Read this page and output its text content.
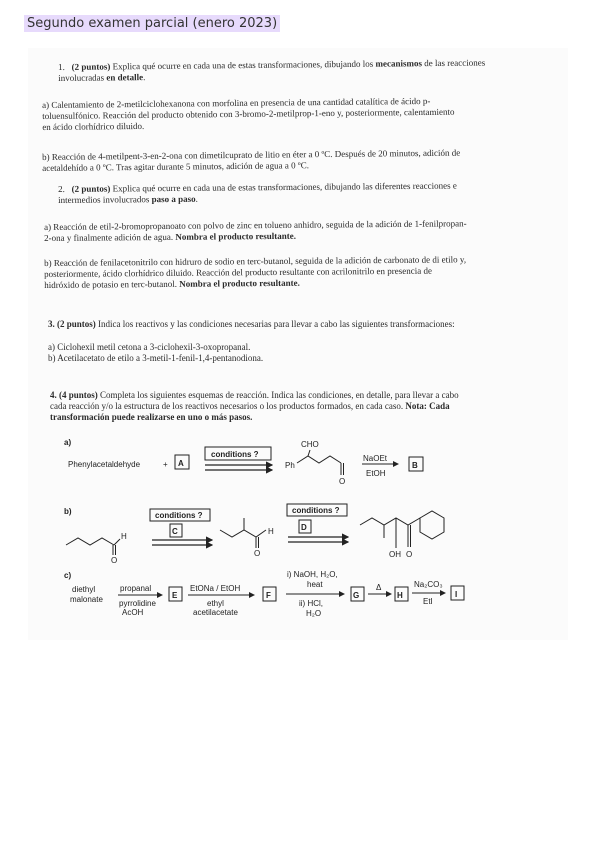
Segundo examen parcial (enero 2023)
1. (2 puntos) Explica qué ocurre en cada una de estas transformaciones, dibujando los mecanismos de las reacciones involucradas en detalle.
a) Calentamiento de 2-metilciclohexanona con morfolina en presencia de una cantidad catalítica de ácido p-
toluensulfónico. Reacción del producto obtenido con 3-bromo-2-metilprop-1-eno y, posteriormente, calentamiento
en ácido clorhídrico diluido.
b) Reacción de 4-metilpent-3-en-2-ona con dimetilcuprato de litio en éter a 0 ºC. Después de 20 minutos, adición de
acetaldehído a 0 ºC. Tras agitar durante 5 minutos, adición de agua a 0 ºC.
2. (2 puntos) Explica qué ocurre en cada una de estas transformaciones, dibujando las diferentes reacciones e
intermedios involucrados paso a paso.
a) Reacción de etil-2-bromopropanoato con polvo de zinc en tolueno anhidro, seguida de la adición de 1-fenilpropan-
2-ona y finalmente adición de agua. Nombra el producto resultante.
b) Reacción de fenilacetonitrilo con hidruro de sodio en terc-butanol, seguida de la adición de carbonato de di etilo y,
posteriormente, ácido clorhídrico diluido. Reacción del producto resultante con acrilonitrilo en presencia de
hidróxido de potasio en terc-butanol. Nombra el producto resultante.
3. (2 puntos) Indica los reactivos y las condiciones necesarias para llevar a cabo las siguientes transformaciones:
a) Ciclohexil metil cetona a 3-ciclohexil-3-oxopropanal.
b) Acetilacetato de etilo a 3-metil-1-fenil-1,4-pentanodiona.
4. (4 puntos) Completa los siguientes esquemas de reacción. Indica las condiciones, en detalle, para llevar a cabo
cada reacción y/o la estructura de los reactivos necesarios o los productos formados, en cada caso. Nota: Cada
transformación puede realizarse en uno o más pasos.
a)
Phenylacetaldehyde	+ A
conditions ?
CHO
Ph
O
NaOEt
EtOH
B
b)
H
O
conditions ?
C	H
O
conditions ?
D
OH O
c)
diethyl
malonate
propanal
pyrrolidine
AcOH
E
EtONa / EtOH
ethyl
acetilacetate
F
i) NaOH, H₂O,
heat
ii) HCl,
H₂O
G
Δ
H
Na₂CO₃
EtI
I
